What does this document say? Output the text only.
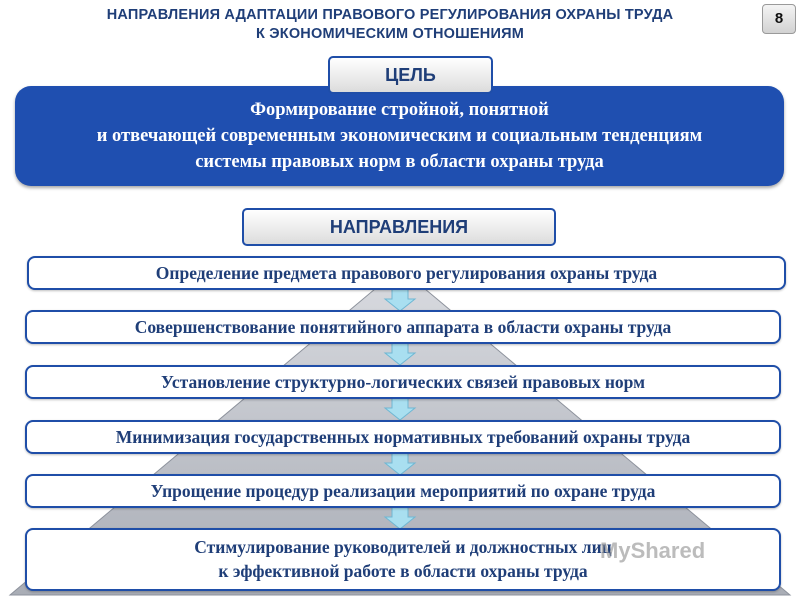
НАПРАВЛЕНИЯ АДАПТАЦИИ ПРАВОВОГО РЕГУЛИРОВАНИЯ ОХРАНЫ ТРУДА
К ЭКОНОМИЧЕСКИМ ОТНОШЕНИЯМ
8
Формирование стройной, понятной
и отвечающей современным экономическим и социальным тенденциям
системы правовых норм в области охраны труда
ЦЕЛЬ
НАПРАВЛЕНИЯ
Определение предмета правового регулирования охраны труда
Совершенствование понятийного аппарата в области охраны труда
Установление структурно-логических связей правовых норм
Минимизация государственных нормативных требований охраны труда
Упрощение процедур реализации мероприятий по охране труда
Стимулирование руководителей и должностных лиц
к эффективной работе в области охраны труда
MyShared
